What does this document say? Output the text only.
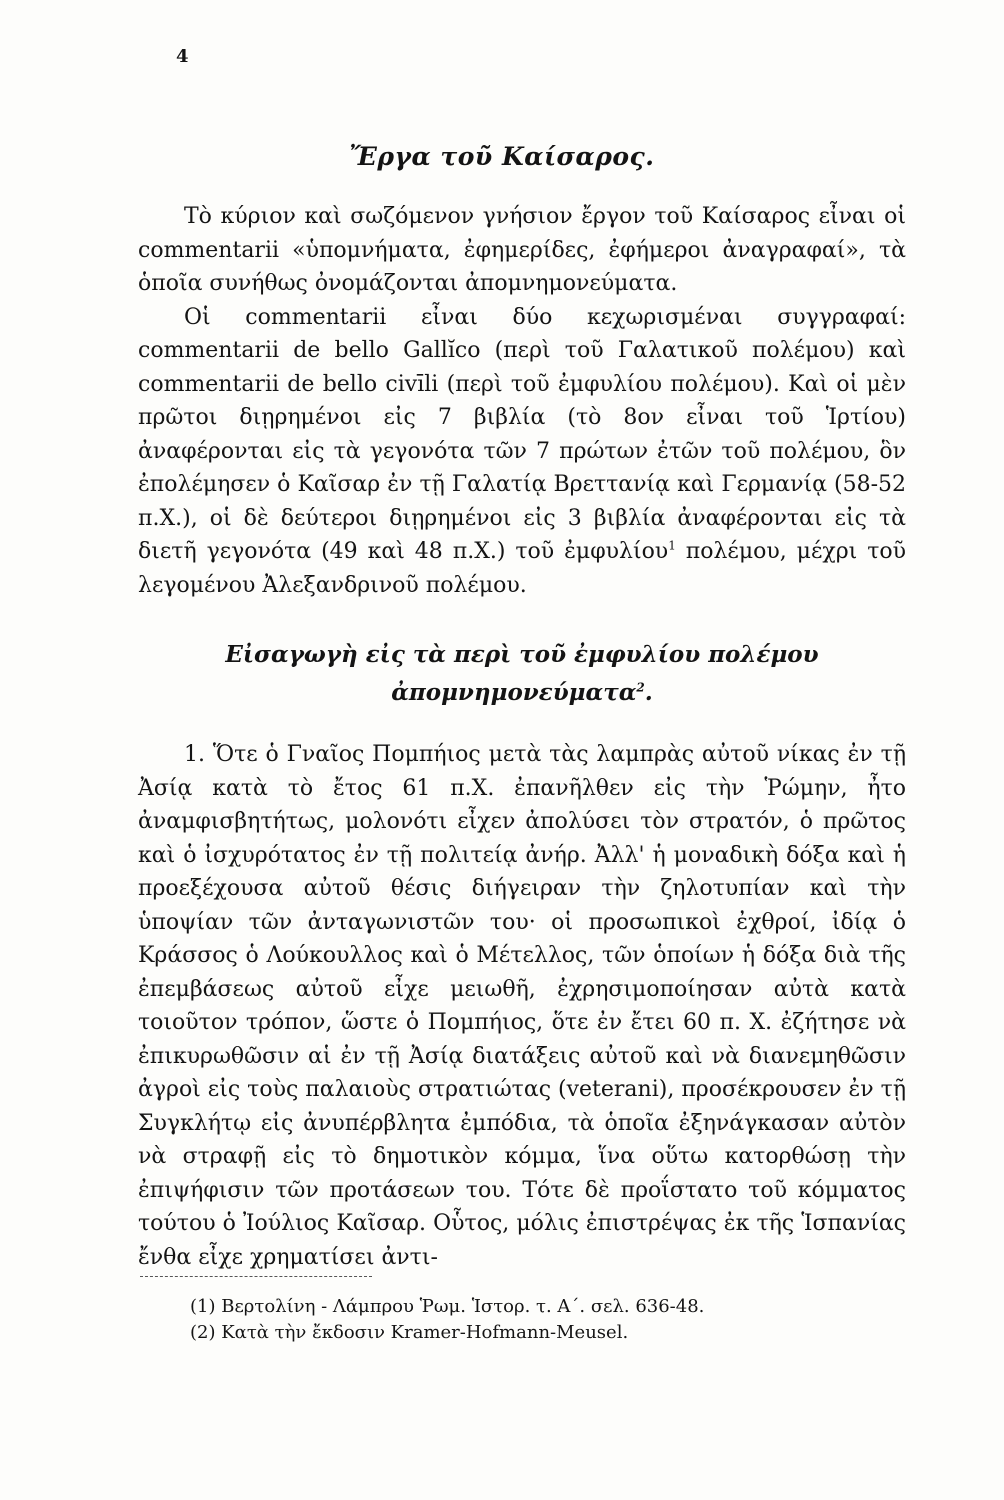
4
Ἔργα τοῦ Καίσαρος.

Τὸ κύριον καὶ σωζόμενον γνήσιον ἔργον τοῦ Καίσαρος εἶναι οἱ commentarii «ὑπομνήματα, ἐφημερίδες, ἐφήμεροι ἀναγραφαί», τὰ ὁποῖα συνήθως ὀνομάζονται ἀπομνημονεύματα.

Οἱ commentarii εἶναι δύο κεχωρισμέναι συγγραφαί: commentarii de bello Gallĭco (περὶ τοῦ Γαλατικοῦ πολέμου) καὶ commentarii de bello civīli (περὶ τοῦ ἐμφυλίου πολέμου). Καὶ οἱ μὲν πρῶτοι διῃρημένοι εἰς 7 βιβλία (τὸ 8ον εἶναι τοῦ Ἱρτίου) ἀναφέρονται εἰς τὰ γεγονότα τῶν 7 πρώτων ἐτῶν τοῦ πολέμου, ὃν ἐπολέμησεν ὁ Καῖσαρ ἐν τῇ Γαλατίᾳ Βρεττανίᾳ καὶ Γερμανίᾳ (58-52 π.Χ.), οἱ δὲ δεύτεροι διῃρημένοι εἰς 3 βιβλία ἀναφέρονται εἰς τὰ διετῆ γεγονότα (49 καὶ 48 π.Χ.) τοῦ ἐμφυλίου$^1$ πολέμου, μέχρι τοῦ λεγομένου Ἀλεξανδρινοῦ πολέμου.

Εἰσαγωγὴ εἰς τὰ περὶ τοῦ ἐμφυλίου πολέμου ἀπομνημονεύματα$^2$.

1. Ὅτε ὁ Γναῖος Πομπήιος μετὰ τὰς λαμπρὰς αὐτοῦ νίκας ἐν τῇ Ἀσίᾳ κατὰ τὸ ἔτος 61 π.Χ. ἐπανῆλθεν εἰς τὴν Ῥώμην, ἦτο ἀναμφισβητήτως, μολονότι εἶχεν ἀπολύσει τὸν στρατόν, ὁ πρῶτος καὶ ὁ ἰσχυρότατος ἐν τῇ πολιτείᾳ ἀνήρ. Ἀλλ' ἡ μοναδικὴ δόξα καὶ ἡ προεξέχουσα αὐτοῦ θέσις διήγειραν τὴν ζηλοτυπίαν καὶ τὴν ὑποψίαν τῶν ἀνταγωνιστῶν του· οἱ προσωπικοὶ ἐχθροί, ἰδίᾳ ὁ Κράσσος ὁ Λούκουλλος καὶ ὁ Μέτελλος, τῶν ὁποίων ἡ δόξα διὰ τῆς ἐπεμβάσεως αὐτοῦ εἶχε μειωθῆ, ἐχρησιμοποίησαν αὐτὰ κατὰ τοιοῦτον τρόπον, ὥστε ὁ Πομπήιος, ὅτε ἐν ἔτει 60 π. Χ. ἐζήτησε νὰ ἐπικυρωθῶσιν αἱ ἐν τῇ Ἀσίᾳ διατάξεις αὐτοῦ καὶ νὰ διανεμηθῶσιν ἀγροὶ εἰς τοὺς παλαιοὺς στρατιώτας (veterani), προσέκρουσεν ἐν τῇ Συγκλήτῳ εἰς ἀνυπέρβλητα ἐμπόδια, τὰ ὁποῖα ἐξηνάγκασαν αὐτὸν νὰ στραφῇ εἰς τὸ δημοτικὸν κόμμα, ἵνα οὕτω κατορθώσῃ τὴν ἐπιψήφισιν τῶν προτάσεων του. Τότε δὲ προΐστατο τοῦ κόμματος τούτου ὁ Ἰούλιος Καῖσαρ. Οὗτος, μόλις ἐπιστρέψας ἐκ τῆς Ἱσπανίας ἔνθα εἶχε χρηματίσει ἀντι-

(1) Βερτολίνη - Λάμπρου Ῥωμ. Ἱστορ. τ. Α΄. σελ. 636-48.
(2) Κατὰ τὴν ἔκδοσιν Kramer-Hofmann-Meusel.
